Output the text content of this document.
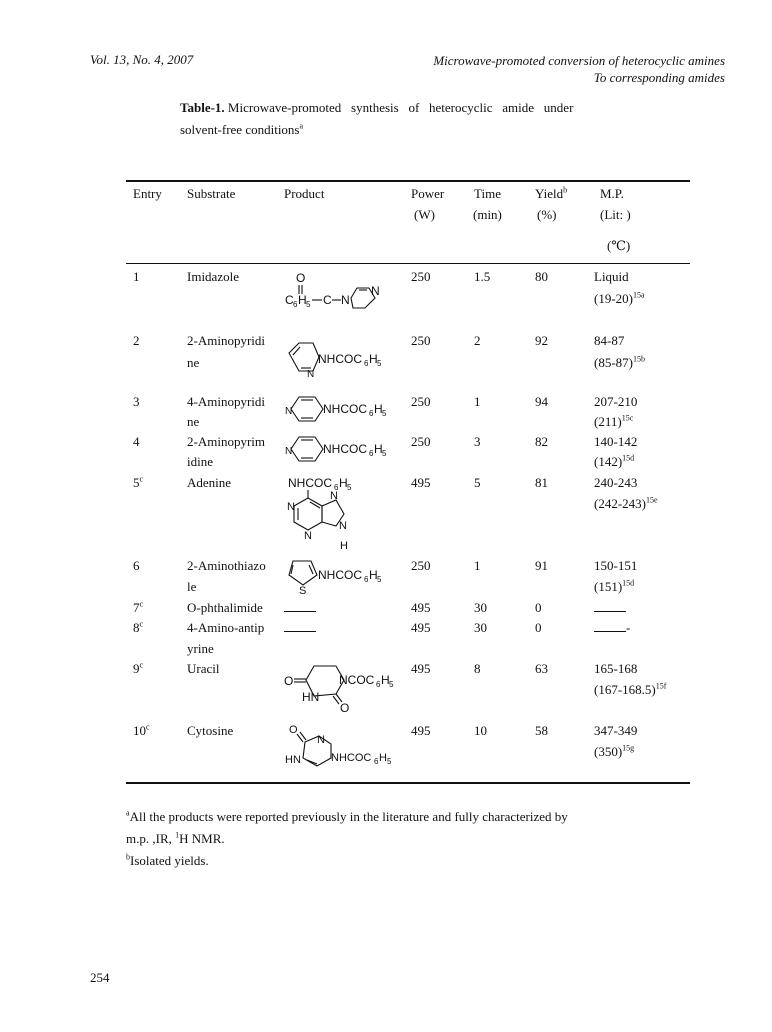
Vol. 13, No. 4, 2007	Microwave-promoted conversion of heterocyclic amines
To corresponding amides
Table-1. Microwave-promoted   synthesis   of   heterocyclic   amide   under
solvent-free conditions$^a$
Entry Substrate	Product	Power
(W)
Time
(min)
Yield$^b$
(%)
M.P.
(Lit: )
(℃)
1	Imidazole	250	1.5	80	Liquid
$(19-20)^{15a}$
O
C 6 H 5 C N
N
2	2-Aminopyridi
ne
250	2	92	84-87
$(85-87)^{15b}$
N
NHCOC 6 H 5
3	4-Aminopyridi
ne
250	1	94	207-210
$(211)^{15c}$
N	NHCOC 6 H 5
4	2-Aminopyrim
idine
250	3	82	140-142
$(142)^{15d}$
N	NHCOC 6 H 5
5$^c$	Adenine	495	5	81	240-243
$(242-243)^{15e}$
NHCOC 6 H 5
N
N
N
N
H
6	2-Aminothiazo
le
250	1	91	150-151
$(151)^{15d}$
S
NHCOC 6 H 5
7$^c$	O-phthalimide	495	30	0
8$^c$	4-Amino-antip
yrine
495	30	0	-
9$^c$	Uracil	495	8	63	165-168
$(167-168.5)^{15f}$
O	NCOC 6 H 5
HN
O
10$^c$	Cytosine	495	10	58	347-349
$(350)^{15g}$
O
N
HN	NHCOC 6 H 5
$^a$All the products were reported previously in the literature and fully characterized by
m.p. ,IR, $^1$H NMR.
$^b$Isolated yields.
254
